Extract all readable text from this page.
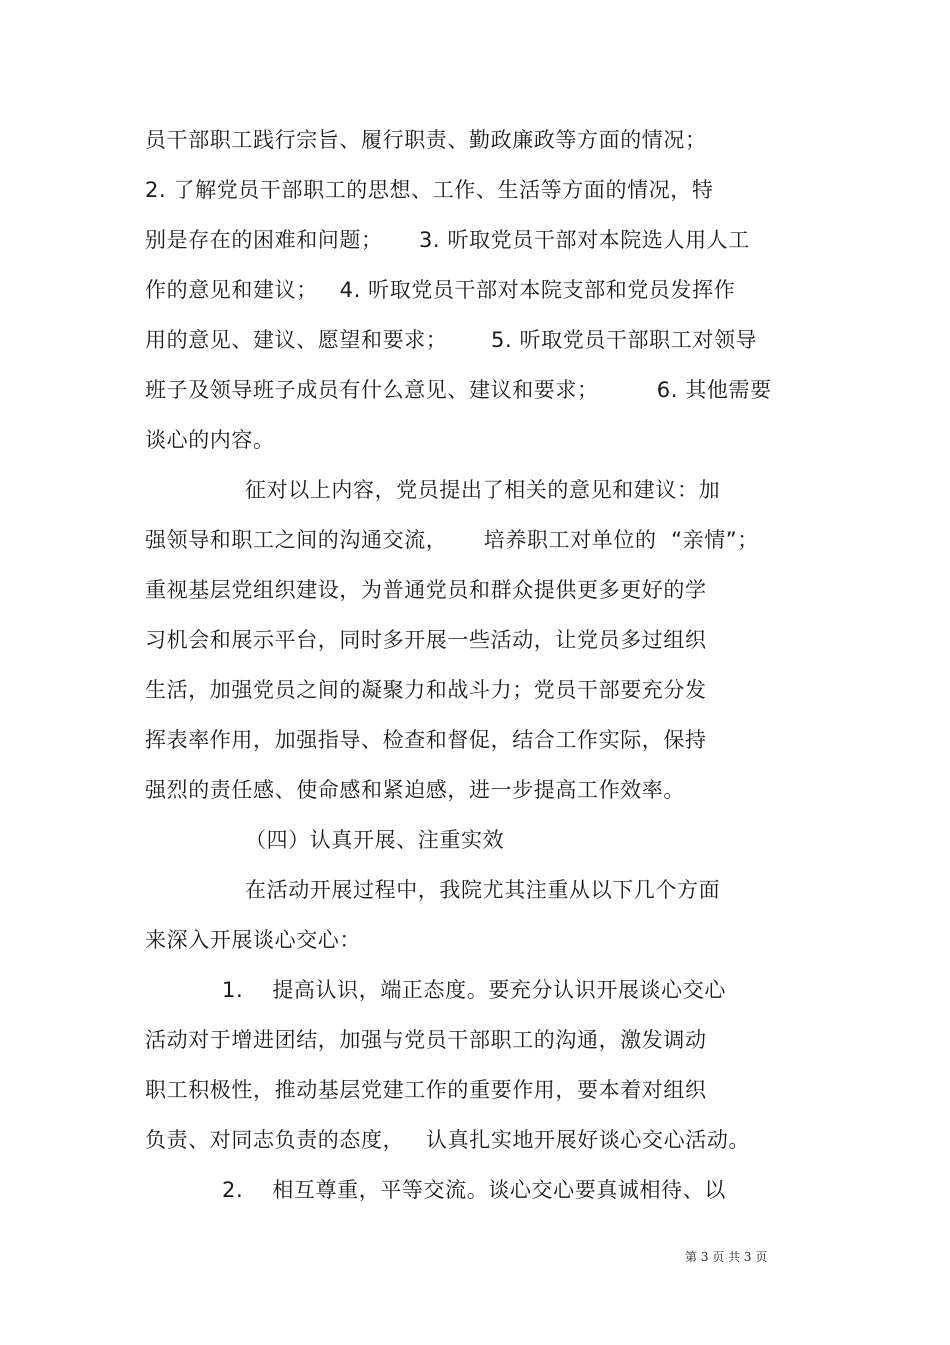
员干部职工践行宗旨、履行职责、勤政廉政等方面的情况；
2. 了解党员干部职工的思想、工作、生活等方面的情况，特
别是存在的困难和问题；     3. 听取党员干部对本院选人用人工
作的意见和建议；   4. 听取党员干部对本院支部和党员发挥作
用的意见、建议、愿望和要求；      5. 听取党员干部职工对领导
班子及领导班子成员有什么意见、建议和要求；        6. 其他需要
谈心的内容。
征对以上内容，党员提出了相关的意见和建议：加
强领导和职工之间的沟通交流，     培养职工对单位的  “亲情”；
重视基层党组织建设，为普通党员和群众提供更多更好的学
习机会和展示平台，同时多开展一些活动，让党员多过组织
生活，加强党员之间的凝聚力和战斗力；党员干部要充分发
挥表率作用，加强指导、检查和督促，结合工作实际，保持
强烈的责任感、使命感和紧迫感，进一步提高工作效率。
（四）认真开展、注重实效
在活动开展过程中，我院尤其注重从以下几个方面
来深入开展谈心交心：
1.    提高认识，端正态度。要充分认识开展谈心交心
活动对于增进团结，加强与党员干部职工的沟通，激发调动
职工积极性，推动基层党建工作的重要作用，要本着对组织
负责、对同志负责的态度，   认真扎实地开展好谈心交心活动。
2.    相互尊重，平等交流。谈心交心要真诚相待、以
第 3 页 共 3 页
